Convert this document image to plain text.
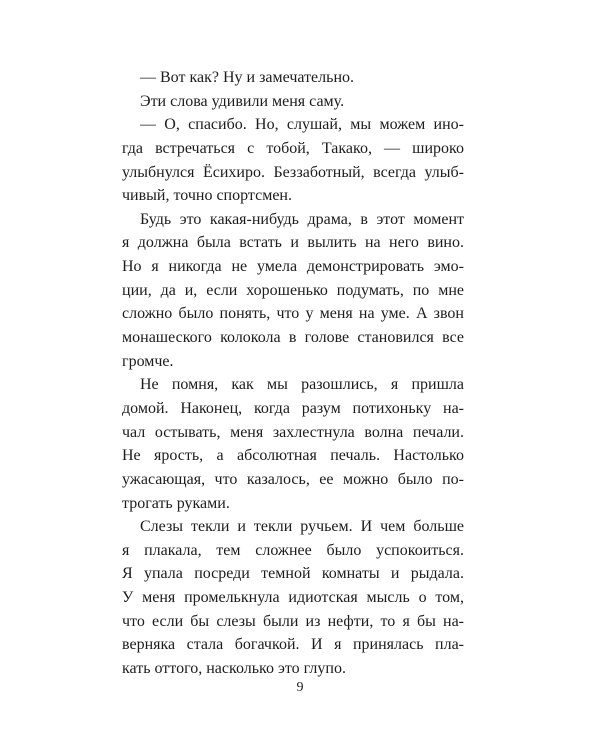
— Вот как? Ну и замечательно.
Эти слова удивили меня саму.
— О, спасибо. Но, слушай, мы можем ино-
гда встречаться с тобой, Такако, — широко
улыбнулся Ёсихиро. Беззаботный, всегда улыб-
чивый, точно спортсмен.
Будь это какая-нибудь драма, в этот момент
я должна была встать и вылить на него вино.
Но я никогда не умела демонстрировать эмо-
ции, да и, если хорошенько подумать, по мне
сложно было понять, что у меня на уме. А звон
монашеского колокола в голове становился все
громче.
Не помня, как мы разошлись, я пришла
домой. Наконец, когда разум потихоньку на-
чал остывать, меня захлестнула волна печали.
Не ярость, а абсолютная печаль. Настолько
ужасающая, что казалось, ее можно было по-
трогать руками.
Слезы текли и текли ручьем. И чем больше
я плакала, тем сложнее было успокоиться.
Я упала посреди темной комнаты и рыдала.
У меня промелькнула идиотская мысль о том,
что если бы слезы были из нефти, то я бы на-
верняка стала богачкой. И я принялась пла-
кать оттого, насколько это глупо.
9
